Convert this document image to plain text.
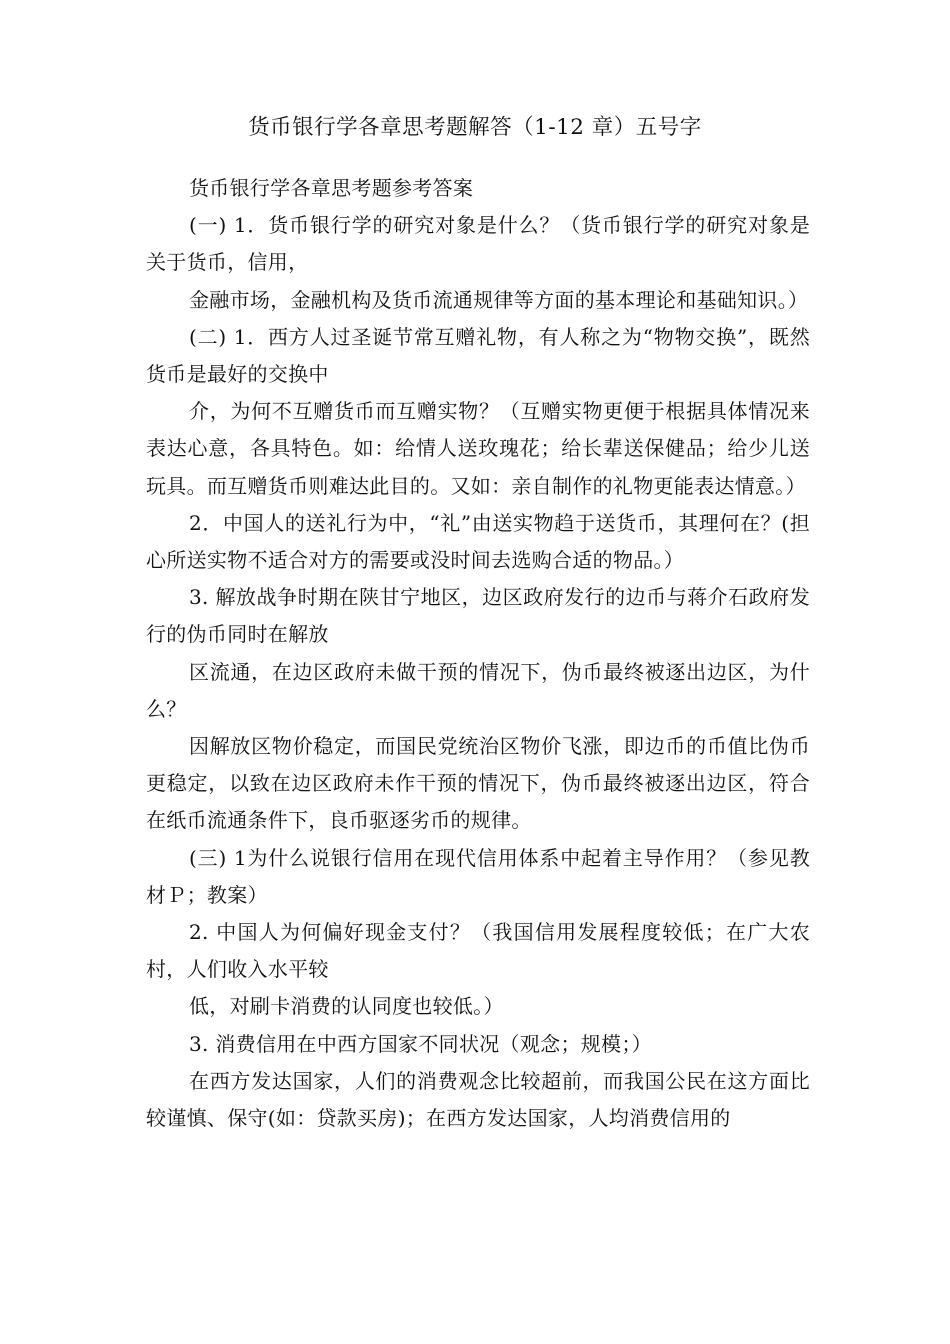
货币银行学各章思考题解答（1-12 章）五号字

货币银行学各章思考题参考答案

(一) 1．货币银行学的研究对象是什么？（货币银行学的研究对象是关于货币，信用，

金融市场，金融机构及货币流通规律等方面的基本理论和基础知识。）

(二) 1．西方人过圣诞节常互赠礼物，有人称之为“物物交换”，既然货币是最好的交换中

介，为何不互赠货币而互赠实物？（互赠实物更便于根据具体情况来表达心意，各具特色。如：给情人送玫瑰花；给长辈送保健品；给少儿送玩具。而互赠货币则难达此目的。又如：亲自制作的礼物更能表达情意。）

2．中国人的送礼行为中，“礼”由送实物趋于送货币，其理何在？(担心所送实物不适合对方的需要或没时间去选购合适的物品。）

3. 解放战争时期在陕甘宁地区，边区政府发行的边币与蒋介石政府发行的伪币同时在解放

区流通，在边区政府未做干预的情况下，伪币最终被逐出边区，为什么？

因解放区物价稳定，而国民党统治区物价飞涨，即边币的币值比伪币更稳定，以致在边区政府未作干预的情况下，伪币最终被逐出边区，符合在纸币流通条件下，良币驱逐劣币的规律。

(三) 1为什么说银行信用在现代信用体系中起着主导作用？（参见教材Ｐ；教案）

2. 中国人为何偏好现金支付？（我国信用发展程度较低；在广大农村，人们收入水平较

低，对刷卡消费的认同度也较低。）

3. 消费信用在中西方国家不同状况（观念；规模；）

在西方发达国家，人们的消费观念比较超前，而我国公民在这方面比较谨慎、保守(如：贷款买房)；在西方发达国家，人均消费信用的
